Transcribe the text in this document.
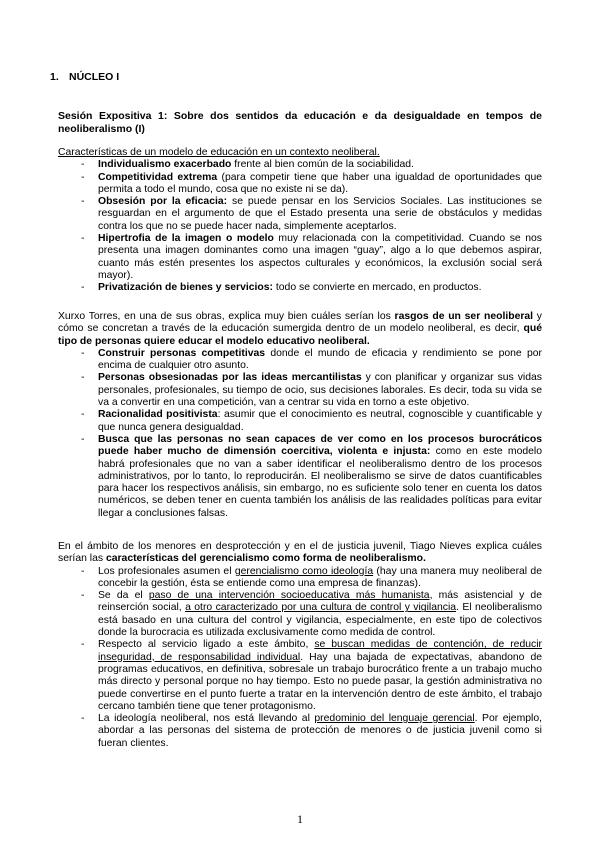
1. NÚCLEO I
Sesión Expositiva 1: Sobre dos sentidos da educación e da desigualdade en tempos de neoliberalismo (I)

Características de un modelo de educación en un contexto neoliberal.

- Individualismo exacerbado frente al bien común de la sociabilidad.
- Competitividad extrema (para competir tiene que haber una igualdad de oportunidades que permita a todo el mundo, cosa que no existe ni se da).
- Obsesión por la eficacia: se puede pensar en los Servicios Sociales. Las instituciones se resguardan en el argumento de que el Estado presenta una serie de obstáculos y medidas contra los que no se puede hacer nada, simplemente aceptarlos.
- Hipertrofia de la imagen o modelo muy relacionada con la competitividad. Cuando se nos presenta una imagen dominantes como una imagen “guay”, algo a lo que debemos aspirar, cuanto más estén presentes los aspectos culturales y económicos, la exclusión social será mayor).
- Privatización de bienes y servicios: todo se convierte en mercado, en productos.

Xurxo Torres, en una de sus obras, explica muy bien cuáles serían los rasgos de un ser neoliberal y cómo se concretan a través de la educación sumergida dentro de un modelo neoliberal, es decir, qué tipo de personas quiere educar el modelo educativo neoliberal.

- Construir personas competitivas donde el mundo de eficacia y rendimiento se pone por encima de cualquier otro asunto.
- Personas obsesionadas por las ideas mercantilistas y con planificar y organizar sus vidas personales, profesionales, su tiempo de ocio, sus decisiones laborales. Es decir, toda su vida se va a convertir en una competición, van a centrar su vida en torno a este objetivo.
- Racionalidad positivista: asumir que el conocimiento es neutral, cognoscible y cuantificable y que nunca genera desigualdad.
- Busca que las personas no sean capaces de ver como en los procesos burocráticos puede haber mucho de dimensión coercitiva, violenta e injusta: como en este modelo habrá profesionales que no van a saber identificar el neoliberalismo dentro de los procesos administrativos, por lo tanto, lo reproducirán. El neoliberalismo se sirve de datos cuantificables para hacer los respectivos análisis, sin embargo, no es suficiente solo tener en cuenta los datos numéricos, se deben tener en cuenta también los análisis de las realidades políticas para evitar llegar a conclusiones falsas.

En el ámbito de los menores en desprotección y en el de justicia juvenil, Tiago Nieves explica cuáles serían las características del gerencialismo como forma de neoliberalismo.

- Los profesionales asumen el gerencialismo como ideología (hay una manera muy neoliberal de concebir la gestión, ésta se entiende como una empresa de finanzas).
- Se da el paso de una intervención socioeducativa más humanista, más asistencial y de reinserción social, a otro caracterizado por una cultura de control y vigilancia. El neoliberalismo está basado en una cultura del control y vigilancia, especialmente, en este tipo de colectivos donde la burocracia es utilizada exclusivamente como medida de control.
- Respecto al servicio ligado a este ámbito, se buscan medidas de contención, de reducir inseguridad, de responsabilidad individual. Hay una bajada de expectativas, abandono de programas educativos, en definitiva, sobresale un trabajo burocrático frente a un trabajo mucho más directo y personal porque no hay tiempo. Esto no puede pasar, la gestión administrativa no puede convertirse en el punto fuerte a tratar en la intervención dentro de este ámbito, el trabajo cercano también tiene que tener protagonismo.
- La ideología neoliberal, nos está llevando al predominio del lenguaje gerencial. Por ejemplo, abordar a las personas del sistema de protección de menores o de justicia juvenil como si fueran clientes.
1
